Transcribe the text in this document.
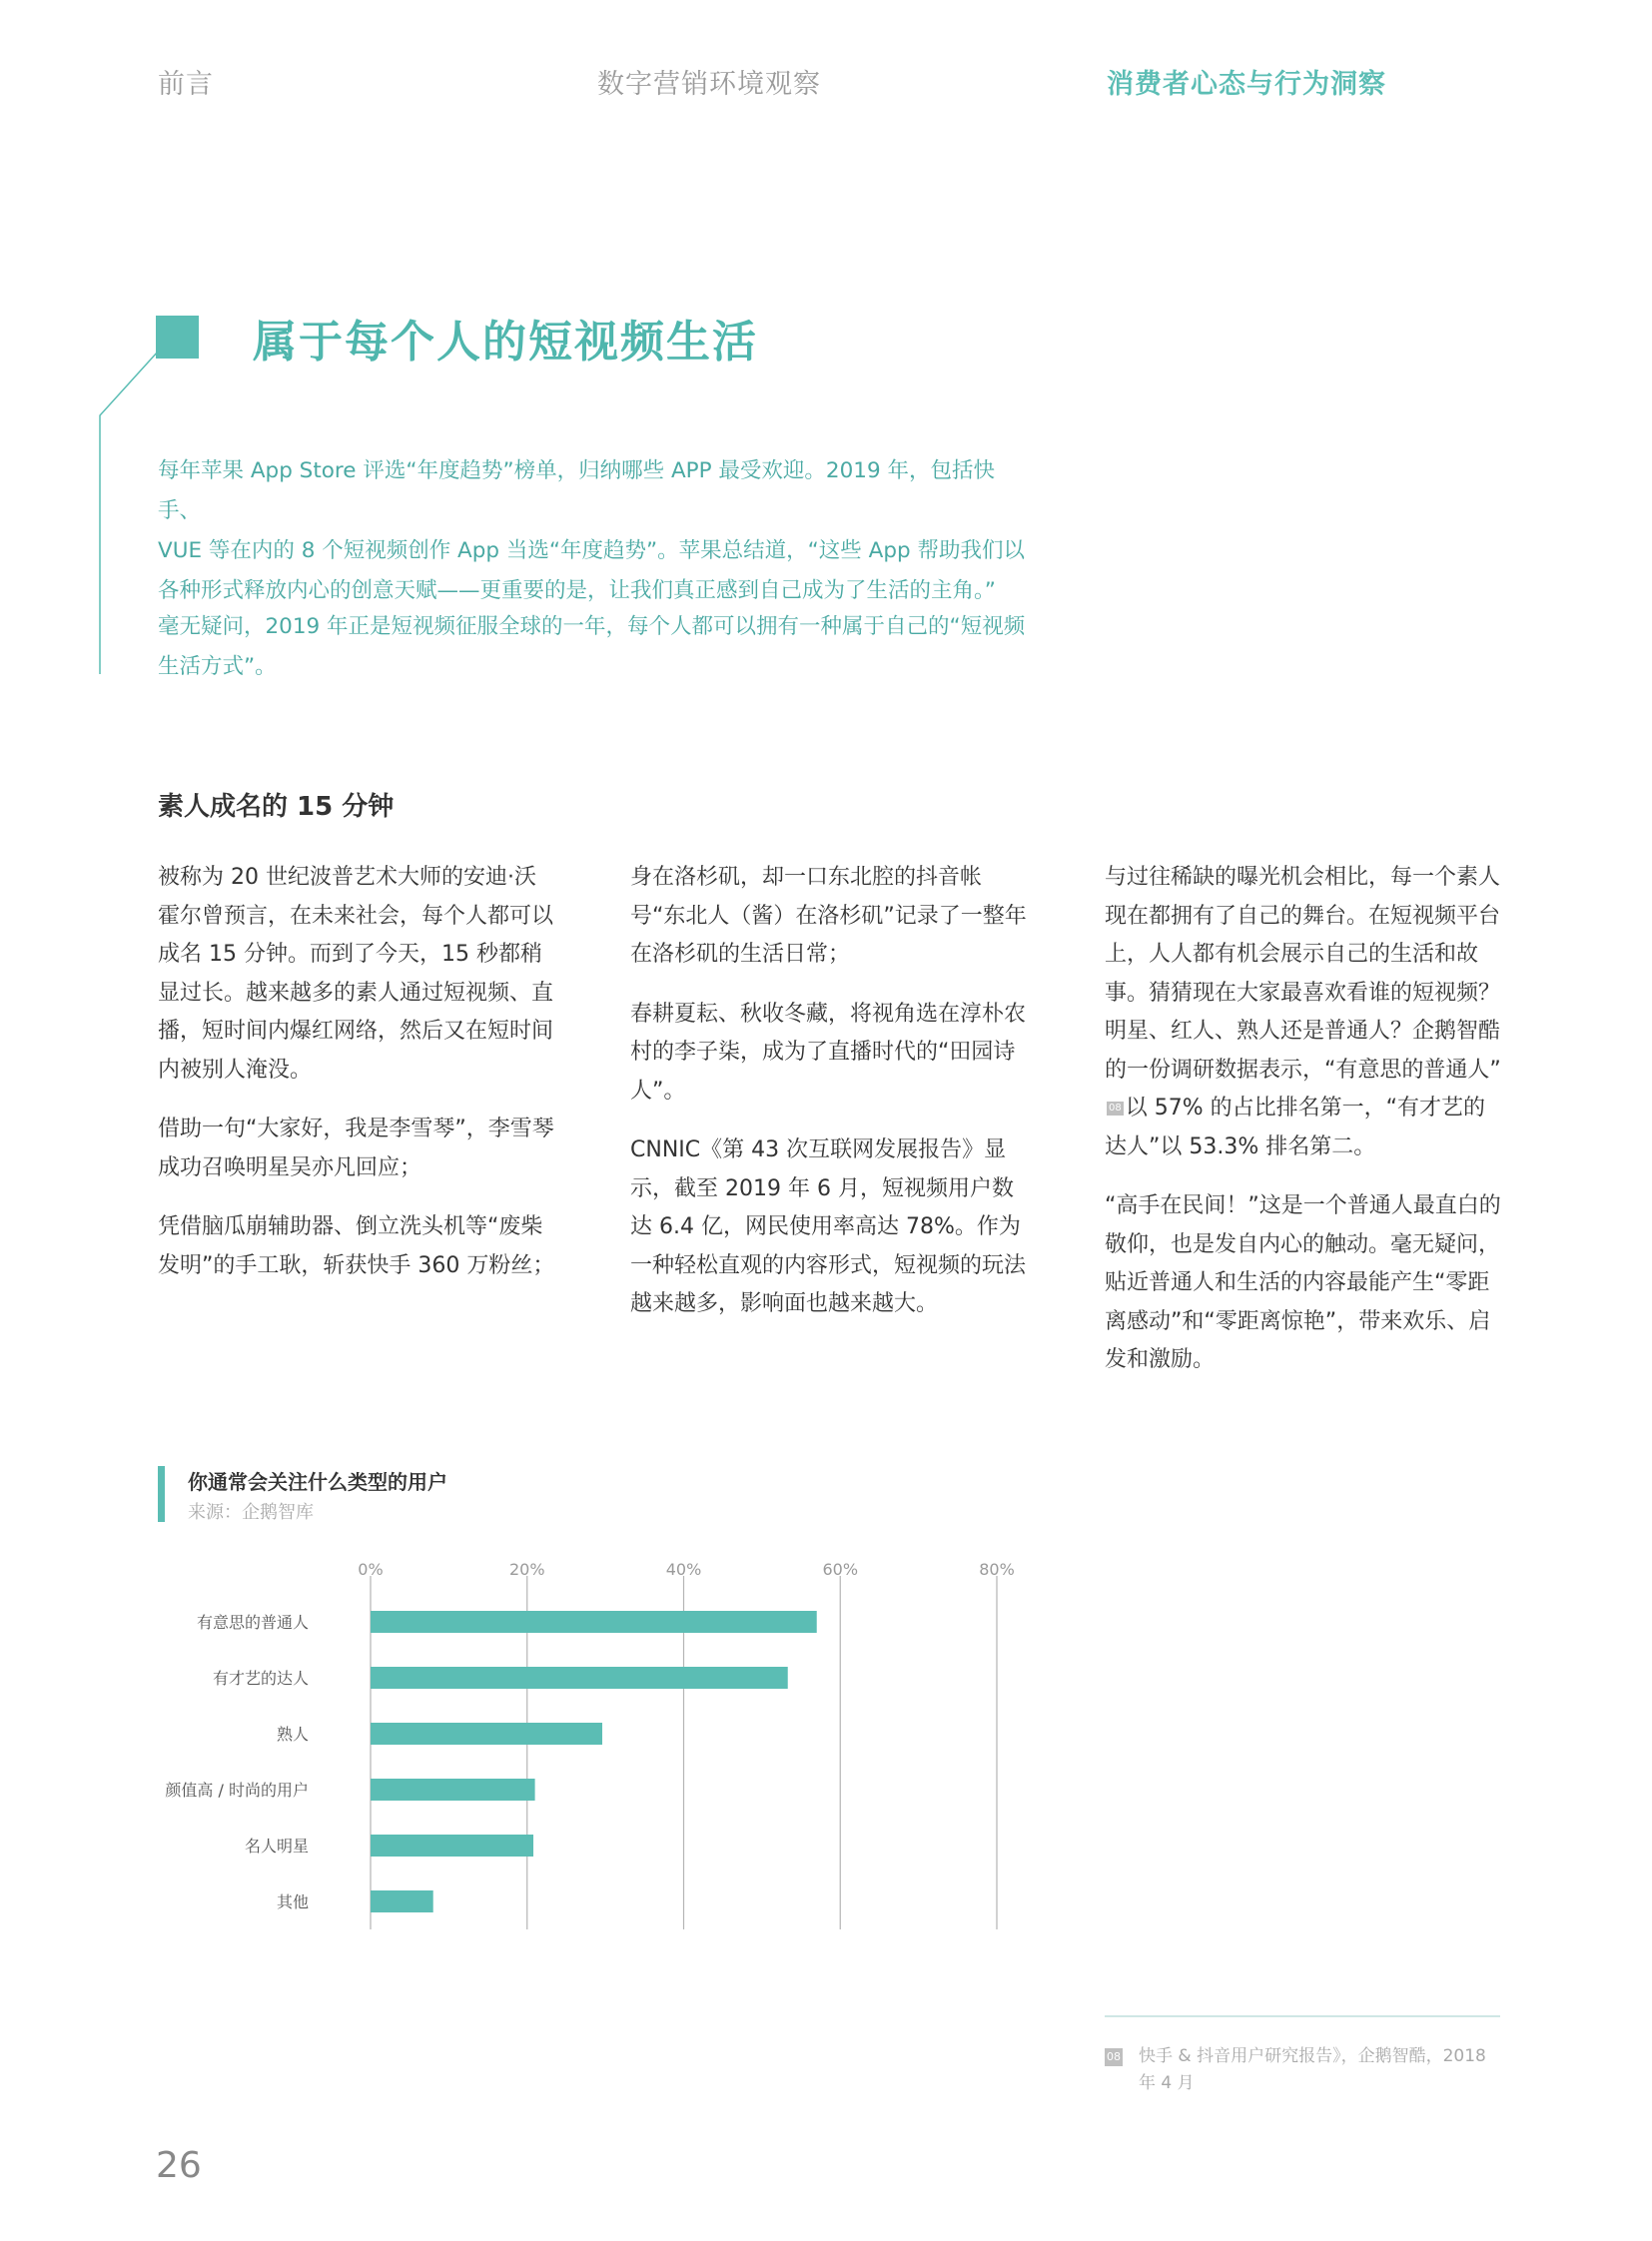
前言	数字营销环境观察	消费者心态与行为洞察
属于每个人的短视频生活
每年苹果 App Store 评选“年度趋势”榜单，归纳哪些 APP 最受欢迎。2019 年，包括快手、
VUE 等在内的 8 个短视频创作 App 当选“年度趋势”。苹果总结道，“这些 App 帮助我们以
各种形式释放内心的创意天赋——更重要的是，让我们真正感到自己成为了生活的主角。”
毫无疑问，2019 年正是短视频征服全球的一年，每个人都可以拥有一种属于自己的“短视频
生活方式”。
素人成名的 15 分钟

被称为 20 世纪波普艺术大师的安迪·沃霍尔曾预言，在未来社会，每个人都可以成名 15 分钟。而到了今天，15 秒都稍显过长。越来越多的素人通过短视频、直播，短时间内爆红网络，然后又在短时间内被别人淹没。

借助一句“大家好，我是李雪琴”，李雪琴成功召唤明星吴亦凡回应；

凭借脑瓜崩辅助器、倒立洗头机等“废柴发明”的手工耿，斩获快手 360 万粉丝；

身在洛杉矶，却一口东北腔的抖音帐号“东北人（酱）在洛杉矶”记录了一整年在洛杉矶的生活日常；

春耕夏耘、秋收冬藏，将视角选在淳朴农村的李子柒，成为了直播时代的“田园诗人”。

CNNIC《第 43 次互联网发展报告》显示，截至 2019 年 6 月，短视频用户数达 6.4 亿，网民使用率高达 78%。作为一种轻松直观的内容形式，短视频的玩法越来越多，影响面也越来越大。

与过往稀缺的曝光机会相比，每一个素人现在都拥有了自己的舞台。在短视频平台上，人人都有机会展示自己的生活和故事。猜猜现在大家最喜欢看谁的短视频？明星、红人、熟人还是普通人？企鹅智酷的一份调研数据表示，“有意思的普通人”08 以 57% 的占比排名第一，“有才艺的达人”以 53.3% 排名第二。

“高手在民间！”这是一个普通人最直白的敬仰，也是发自内心的触动。毫无疑问，贴近普通人和生活的内容最能产生“零距离感动”和“零距离惊艳”，带来欢乐、启发和激励。

你通常会关注什么类型的用户
来源：企鹅智库
0%	20%	40%	60%	80%
有意思的普通人
有才艺的达人
熟人
颜值高 / 时尚的用户
名人明星
其他
08 快手 & 抖音用户研究报告》，企鹅智酷，2018 年 4 月
26
